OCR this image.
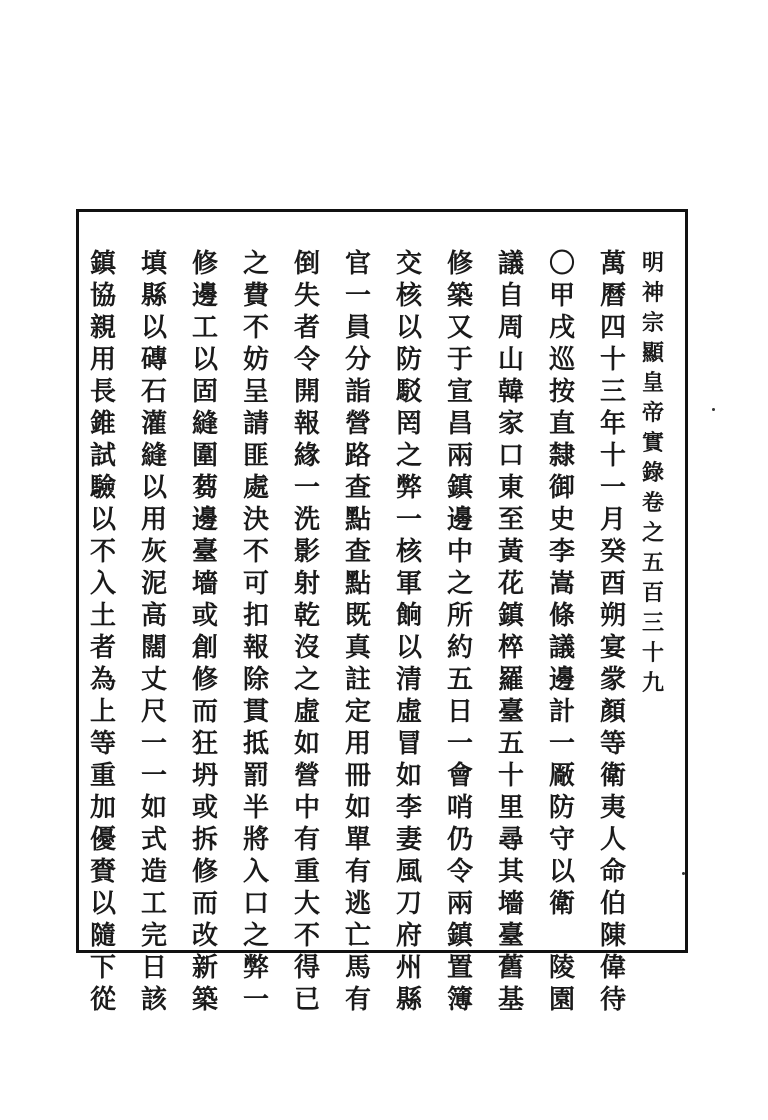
明
神
宗
顯
皇
帝
實
錄
卷
之
五
百
三
十
九
萬
曆
四
十
三
年
十
一
月
癸
酉
朔
宴
䝉
顏
等
衛
夷
人
命
伯
陳
偉
待
〇
甲
戌
巡
按
直
隸
御
史
李
嵩
條
議
邊
計
一
厰
防
守
以
衛

陵
園
議
自
周
山
韓
家
口
東
至
黃
花
鎮
椊
羅
臺
五
十
里
尋
其
墻
臺
舊
基
修
築
又
于
宣
昌
兩
鎮
邊
中
之
所
約
五
日
一
會
哨
仍
令
兩
鎮
置
簿
交
核
以
防
駁
罔
之
弊
一
核
軍
餉
以
清
虛
冒
如
李
妻
風
刀
府
州
縣
官
一
員
分
詣
營
路
查
點
查
點
既
真
註
定
用
冊
如
單
有
逃
亡
馬
有
倒
失
者
令
開
報
緣
一
洗
影
射
乾
沒
之
虛
如
營
中
有
重
大
不
得
已
之
費
不
妨
呈
請
匪
處
決
不
可
扣
報
除
貫
抵
罰
半
將
入
口
之
弊
一
修
邊
工
以
固
縫
圍
蒭
邊
臺
墻
或
創
修
而
狂
坍
或
拆
修
而
改
新
築
填
縣
以
磚
石
灌
縫
以
用
灰
泥
高
闊
丈
尺
一
一
如
式
造
工
完
日
該
鎮
協
親
用
長
錐
試
驗
以
不
入
土
者
為
上
等
重
加
優
賚
以
隨
下
從
